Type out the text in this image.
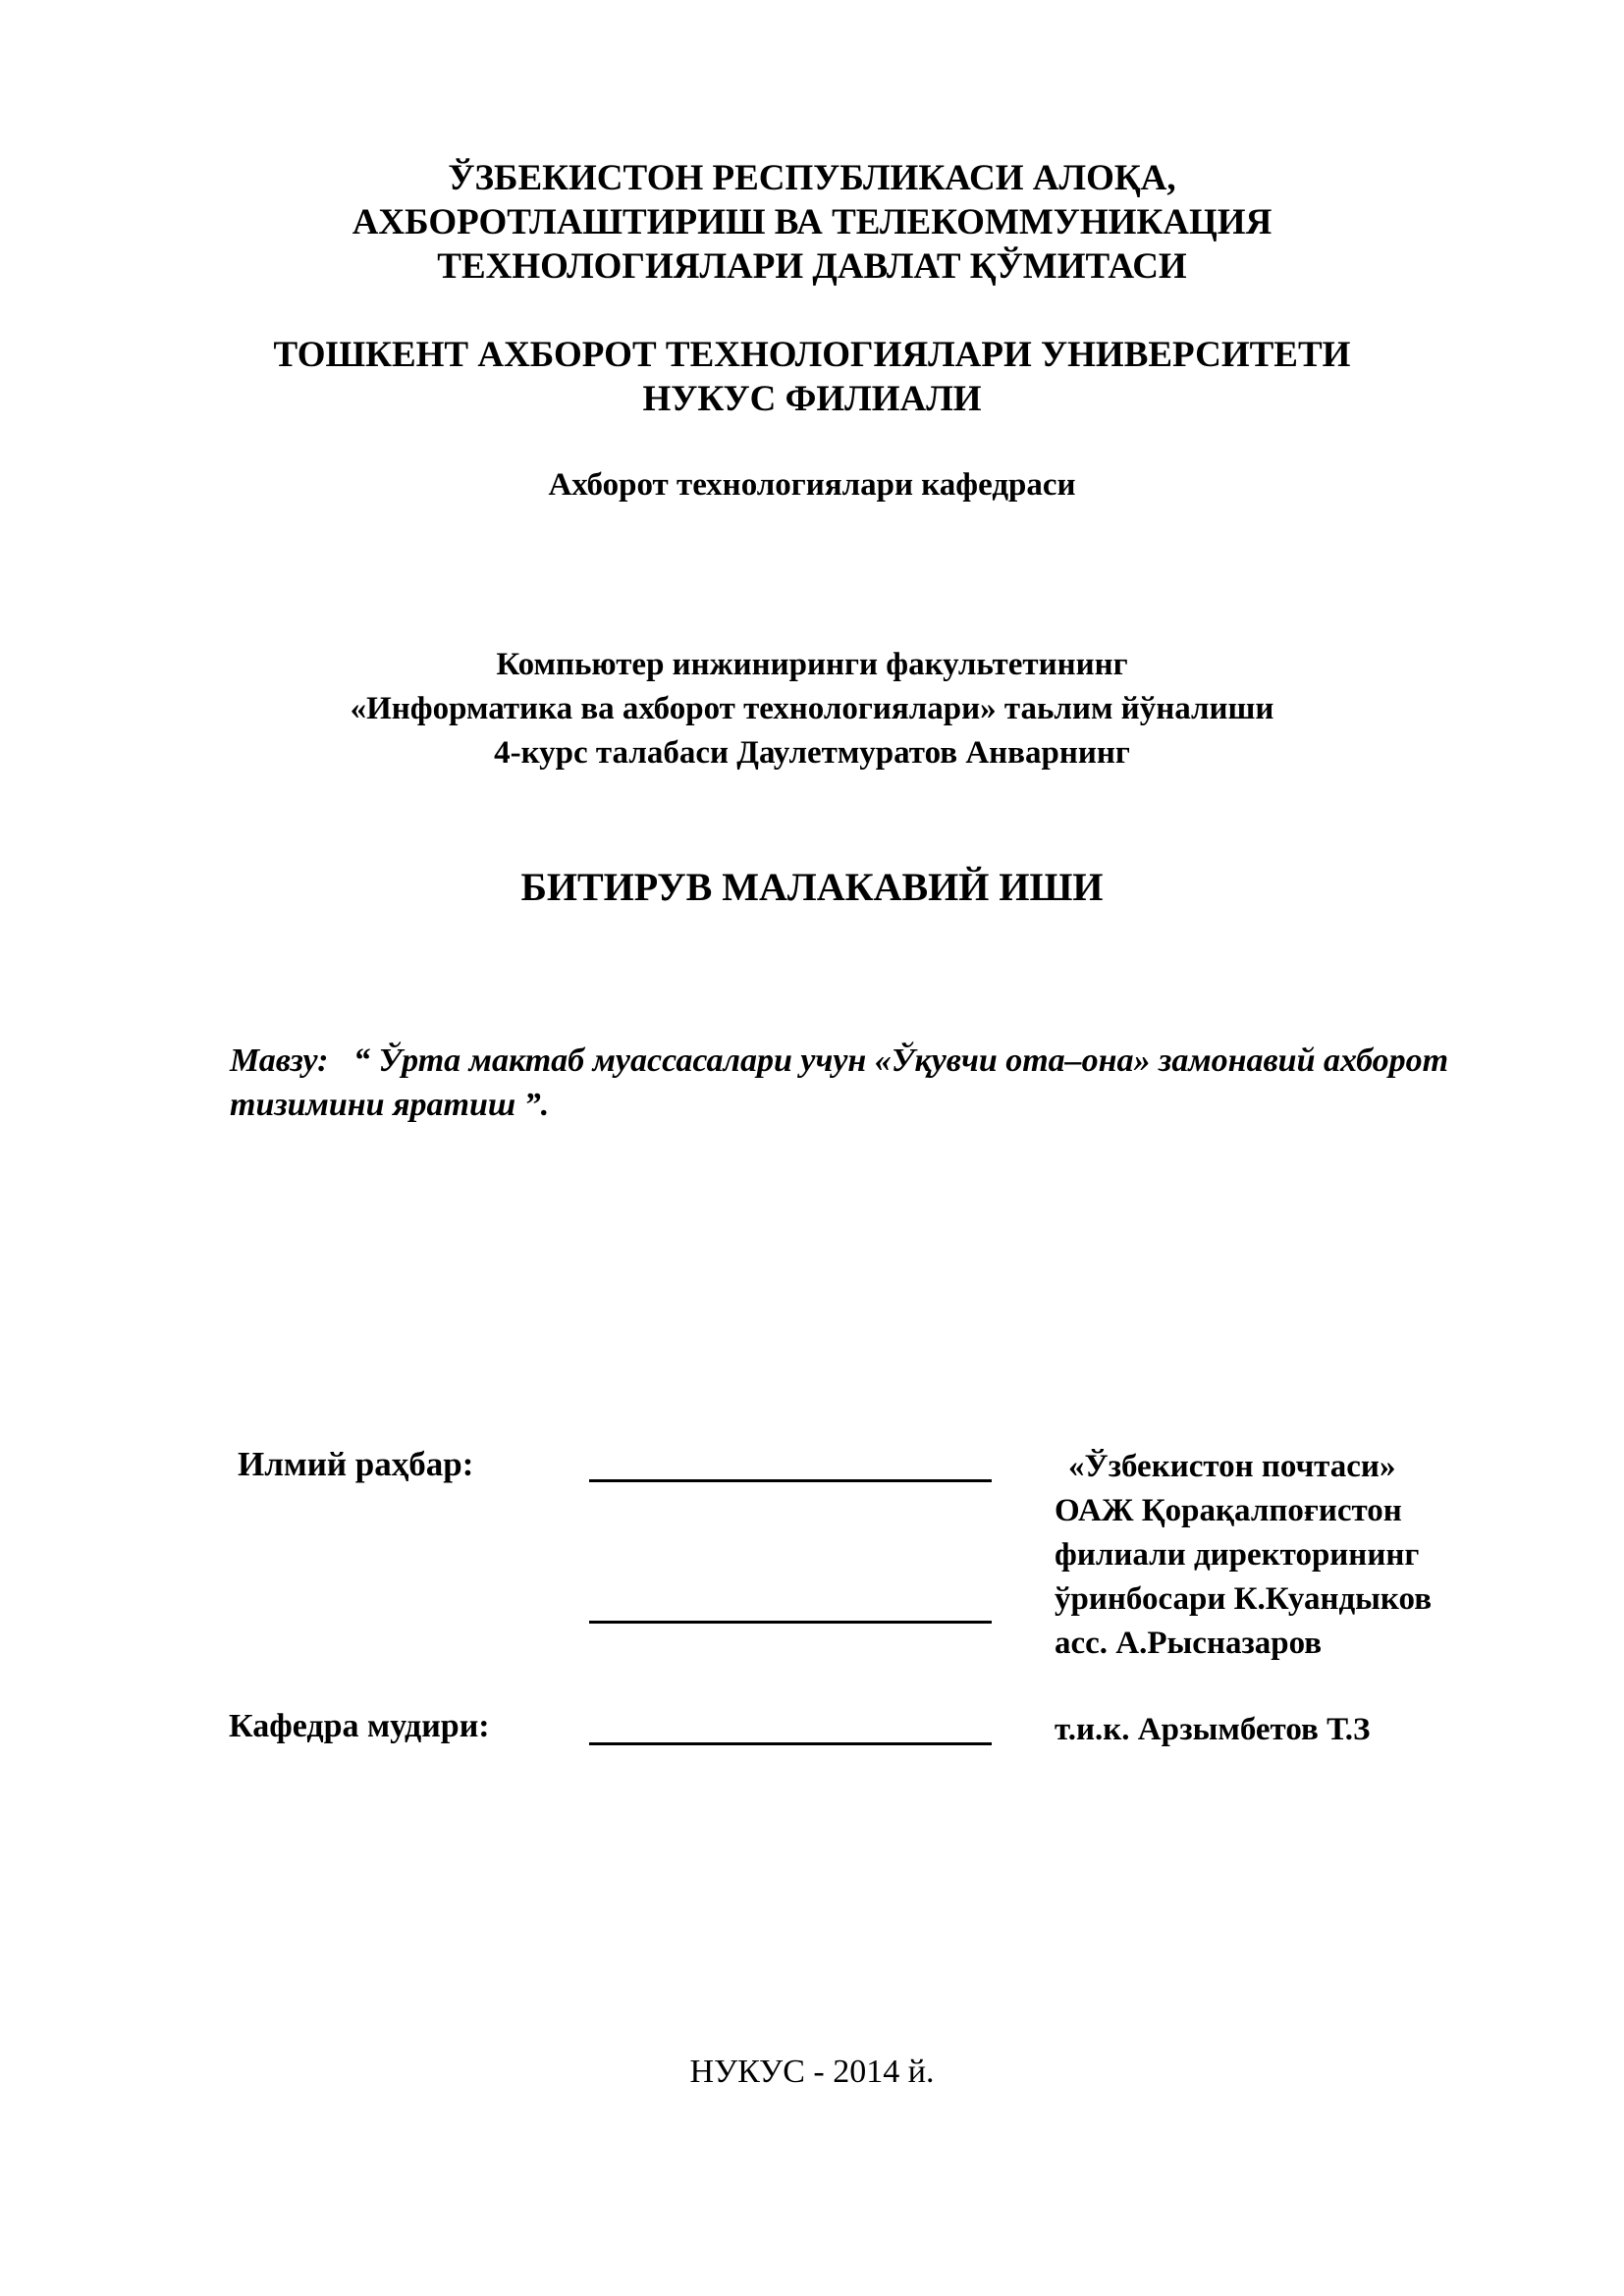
ЎЗБЕКИСТОН РЕСПУБЛИКАСИ АЛОҚА,
АХБОРОТЛАШТИРИШ ВА ТЕЛЕКОММУНИКАЦИЯ
ТЕХНОЛОГИЯЛАРИ ДАВЛАТ ҚЎМИТАСИ
ТОШКЕНТ АХБОРОТ ТЕХНОЛОГИЯЛАРИ УНИВЕРСИТЕТИ
НУКУС ФИЛИАЛИ
Ахборот технологиялари кафедраси
Компьютер инжиниринги факультетининг
«Информатика ва ахборот технологиялари» таьлим йўналиши
4-курс талабаси Даулетмуратов Анварнинг
БИТИРУВ МАЛАКАВИЙ ИШИ
Мавзу: “ Ўрта мактаб муассасалари учун «Ўқувчи ота–она» замонавий ахборот тизимини яратиш ”.
Илмий раҳбар:	«Ўзбекистон почтаси»
ОАЖ Қорақалпоғистон
филиали директорининг
ўринбосари К.Куандыков
асс. А.Рысназаров
Кафедра мудири:	т.и.к. Арзымбетов Т.З
НУКУС - 2014 й.
